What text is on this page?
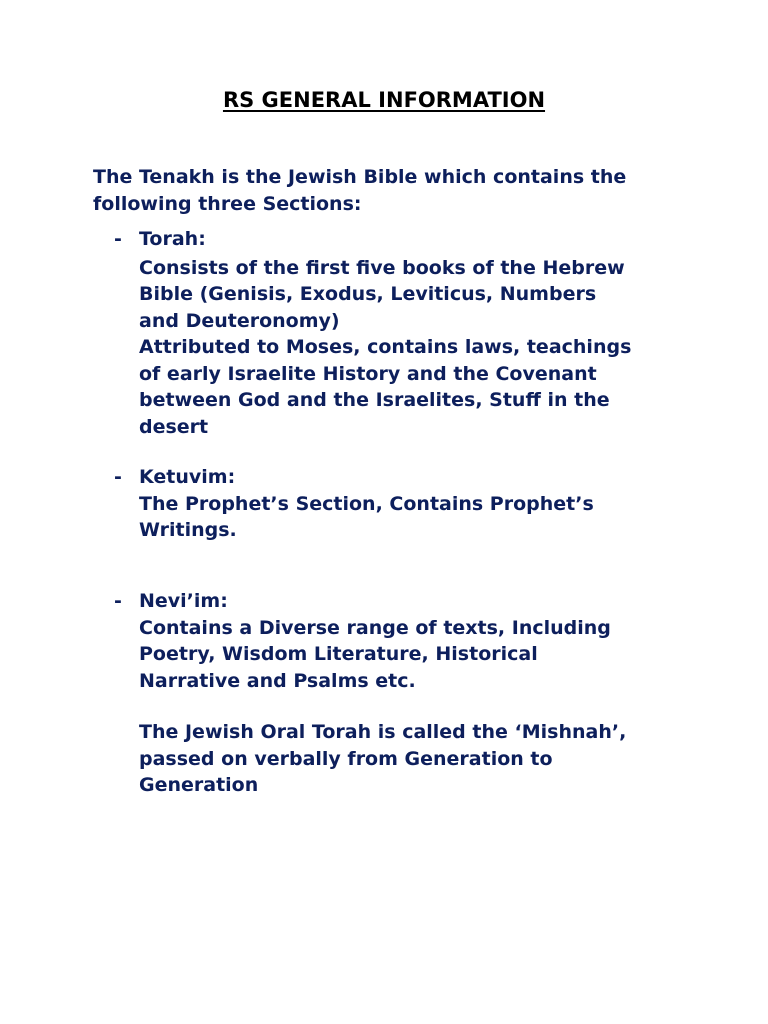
RS GENERAL INFORMATION

The Tenakh is the Jewish Bible which contains the following three Sections:

- Torah:
Consists of the first five books of the Hebrew
Bible (Genisis, Exodus, Leviticus, Numbers
and Deuteronomy)
Attributed to Moses, contains laws, teachings
of early Israelite History and the Covenant
between God and the Israelites, Stuff in the
desert
- Ketuvim:
The Prophet’s Section, Contains Prophet’s
Writings.
- Nevi’im:
Contains a Diverse range of texts, Including
Poetry, Wisdom Literature, Historical
Narrative and Psalms etc.
The Jewish Oral Torah is called the ‘Mishnah’,
passed on verbally from Generation to
Generation
